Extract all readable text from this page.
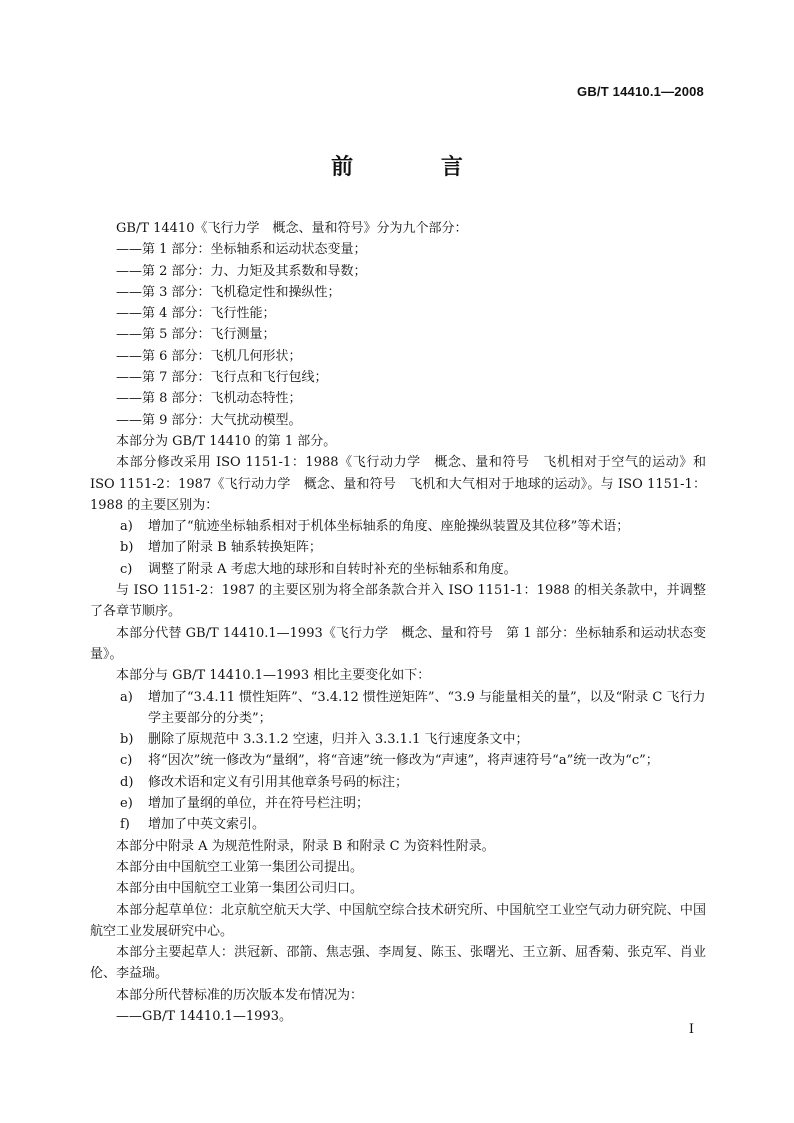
GB/T 14410.1—2008
前 言

GB/T 14410《飞行力学　概念、量和符号》分为九个部分：

——第 1 部分：坐标轴系和运动状态变量；

——第 2 部分：力、力矩及其系数和导数；

——第 3 部分：飞机稳定性和操纵性；

——第 4 部分：飞行性能；

——第 5 部分：飞行测量；

——第 6 部分：飞机几何形状；

——第 7 部分：飞行点和飞行包线；

——第 8 部分：飞机动态特性；

——第 9 部分：大气扰动模型。

本部分为 GB/T 14410 的第 1 部分。

本部分修改采用 ISO 1151-1：1988《飞行动力学　概念、量和符号　飞机相对于空气的运动》和 ISO 1151-2：1987《飞行动力学　概念、量和符号　飞机和大气相对于地球的运动》。与 ISO 1151-1：1988 的主要区别为：

a) 增加了“航迹坐标轴系相对于机体坐标轴系的角度、座舱操纵装置及其位移”等术语；

b) 增加了附录 B 轴系转换矩阵；

c) 调整了附录 A 考虑大地的球形和自转时补充的坐标轴系和角度。

与 ISO 1151-2：1987 的主要区别为将全部条款合并入 ISO 1151-1：1988 的相关条款中，并调整了各章节顺序。

本部分代替 GB/T 14410.1—1993《飞行力学　概念、量和符号　第 1 部分：坐标轴系和运动状态变量》。

本部分与 GB/T 14410.1—1993 相比主要变化如下：

a) 增加了“3.4.11 惯性矩阵”、“3.4.12 惯性逆矩阵”、“3.9 与能量相关的量”，以及“附录 C 飞行力学主要部分的分类”；

b) 删除了原规范中 3.3.1.2 空速，归并入 3.3.1.1 飞行速度条文中；

c) 将“因次”统一修改为“量纲”，将“音速”统一修改为“声速”，将声速符号“a”统一改为“c”；

d) 修改术语和定义有引用其他章条号码的标注；

e) 增加了量纲的单位，并在符号栏注明；

f) 增加了中英文索引。

本部分中附录 A 为规范性附录，附录 B 和附录 C 为资料性附录。

本部分由中国航空工业第一集团公司提出。

本部分由中国航空工业第一集团公司归口。

本部分起草单位：北京航空航天大学、中国航空综合技术研究所、中国航空工业空气动力研究院、中国航空工业发展研究中心。

本部分主要起草人：洪冠新、邵箭、焦志强、李周复、陈玉、张曙光、王立新、屈香菊、张克军、肖业伦、李益瑞。

本部分所代替标准的历次版本发布情况为：

——GB/T 14410.1—1993。

I
